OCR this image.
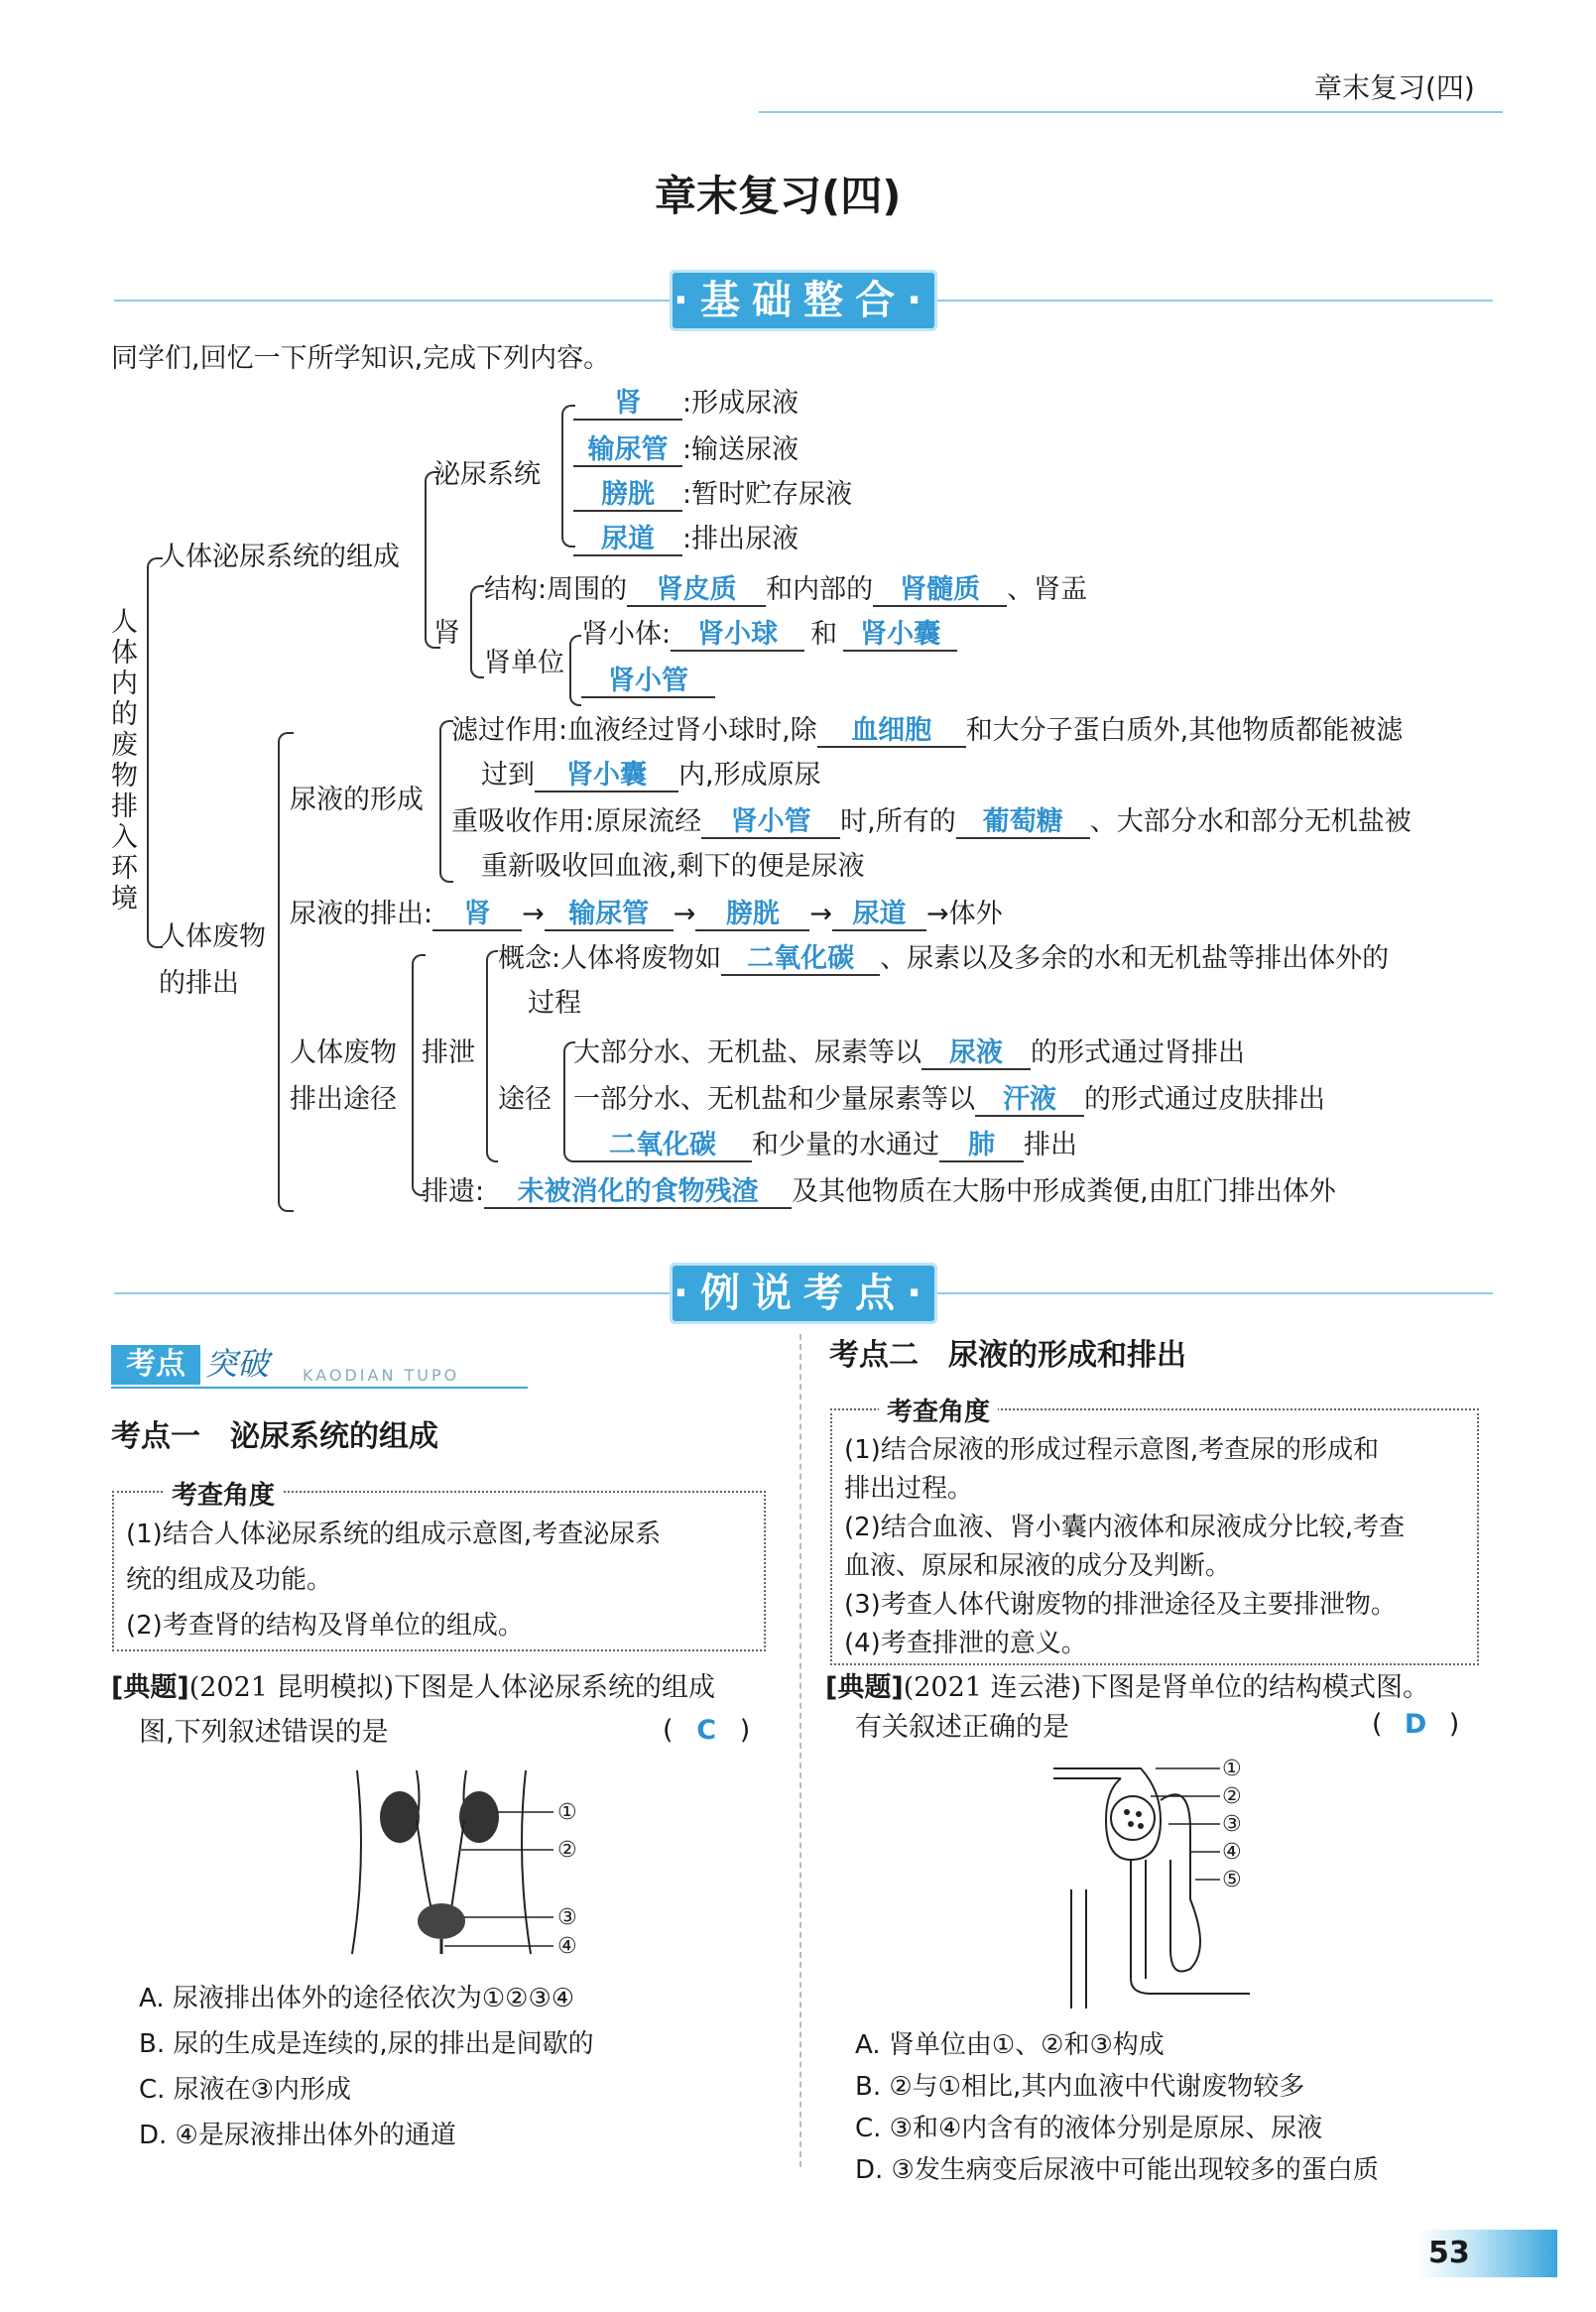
章末复习(四)
章末复习(四)
·基础整合·
同学们,回忆一下所学知识,完成下列内容。
人体内的废物排入环境
人体泌尿系统的组成
泌尿系统
肾 :形成尿液
输尿管 :输送尿液
膀胱 :暂时贮存尿液
尿道 :排出尿液
肾
结构:周围的 肾皮质 和内部的 肾髓质 、肾盂
肾单位
肾小体: 肾小球 和 肾小囊
肾小管
人体废物
的排出
尿液的形成
滤过作用:血液经过肾小球时,除 血细胞 和大分子蛋白质外,其他物质都能被滤
过到 肾小囊 内,形成原尿
重吸收作用:原尿流经 肾小管 时,所有的 葡萄糖 、大部分水和部分无机盐被
重新吸收回血液,剩下的便是尿液
尿液的排出: 肾 → 输尿管 → 膀胱 → 尿道 →体外
人体废物
排出途径
排泄
概念:人体将废物如 二氧化碳 、尿素以及多余的水和无机盐等排出体外的
过程
途径
大部分水、无机盐、尿素等以 尿液 的形式通过肾排出
一部分水、无机盐和少量尿素等以 汗液 的形式通过皮肤排出
二氧化碳 和少量的水通过 肺 排出
排遗: 未被消化的食物残渣 及其他物质在大肠中形成粪便,由肛门排出体外
·例说考点·
考点 突破 KAODIAN TUPO
考点一　泌尿系统的组成
考查角度
(1)结合人体泌尿系统的组成示意图,考查泌尿系
统的组成及功能。
(2)考查肾的结构及肾单位的组成。
[典题](2021 昆明模拟)下图是人体泌尿系统的组成
图,下列叙述错误的是	( C )
①
②
③
④
A. 尿液排出体外的途径依次为①②③④
B. 尿的生成是连续的,尿的排出是间歇的
C. 尿液在③内形成
D. ④是尿液排出体外的通道
考点二　尿液的形成和排出
考查角度
(1)结合尿液的形成过程示意图,考查尿的形成和
排出过程。
(2)结合血液、肾小囊内液体和尿液成分比较,考查
血液、原尿和尿液的成分及判断。
(3)考查人体代谢废物的排泄途径及主要排泄物。
(4)考查排泄的意义。
[典题](2021 连云港)下图是肾单位的结构模式图。
有关叙述正确的是	( D )
①
②
③
④
⑤
A. 肾单位由①、②和③构成
B. ②与①相比,其内血液中代谢废物较多
C. ③和④内含有的液体分别是原尿、尿液
D. ③发生病变后尿液中可能出现较多的蛋白质
53
